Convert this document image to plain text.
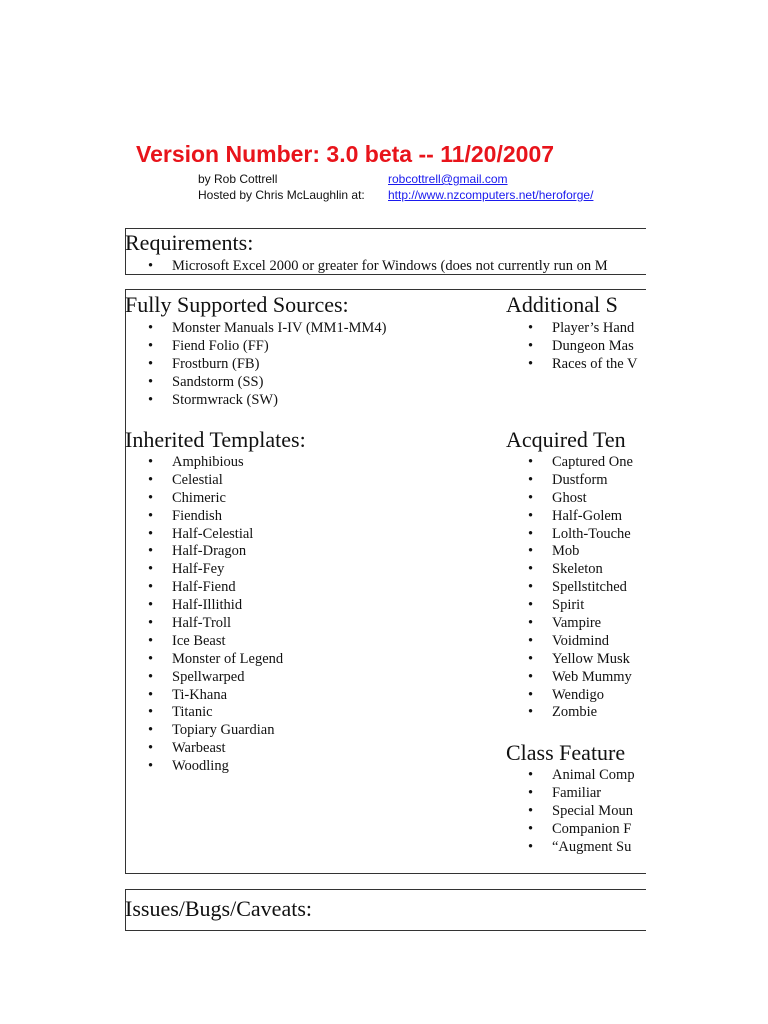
Version Number: 3.0 beta -- 11/20/2007
by Rob Cottrell	robcottrell@gmail.com
Hosted by Chris McLaughlin at: http://www.nzcomputers.net/heroforge/
Requirements:
• Microsoft Excel 2000 or greater for Windows (does not currently run on M
Fully Supported Sources:
• Monster Manuals I-IV (MM1-MM4)
• Fiend Folio (FF)
• Frostburn (FB)
• Sandstorm (SS)
• Stormwrack (SW)
Additional S
• Player’s Hand
• Dungeon Mas
• Races of the V
Inherited Templates:
• Amphibious
• Celestial
• Chimeric
• Fiendish
• Half-Celestial
• Half-Dragon
• Half-Fey
• Half-Fiend
• Half-Illithid
• Half-Troll
• Ice Beast
• Monster of Legend
• Spellwarped
• Ti-Khana
• Titanic
• Topiary Guardian
• Warbeast
• Woodling
Acquired Ten
• Captured One
• Dustform
• Ghost
• Half-Golem
• Lolth-Touche
• Mob
• Skeleton
• Spellstitched
• Spirit
• Vampire
• Voidmind
• Yellow Musk
• Web Mummy
• Wendigo
• Zombie
Class Feature
• Animal Comp
• Familiar
• Special Moun
• Companion F
• “Augment Su
Issues/Bugs/Caveats:
